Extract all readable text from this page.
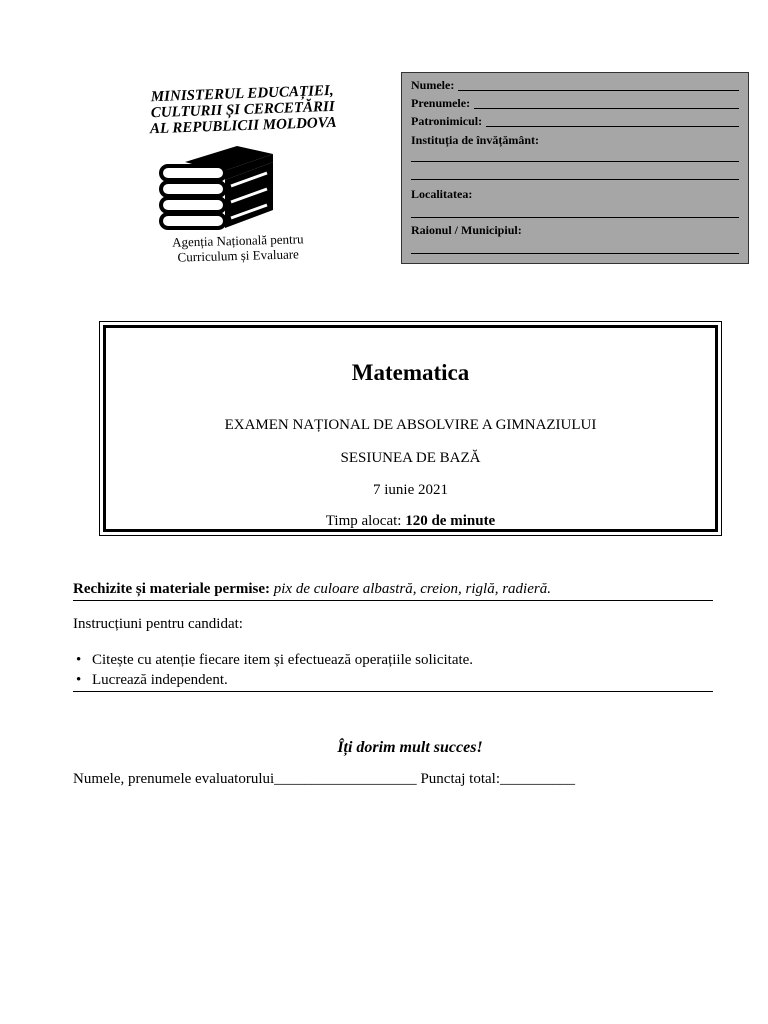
MINISTERUL EDUCAȚIEI,
CULTURII ȘI CERCETĂRII
AL REPUBLICII MOLDOVA
Agenția Națională pentru
Curriculum și Evaluare
Numele:
Prenumele:
Patronimicul:
Instituția de învățământ:
Localitatea:
Raionul / Municipiul:
Matematica
EXAMEN NAȚIONAL DE ABSOLVIRE A GIMNAZIULUI
SESIUNEA DE BAZĂ
7 iunie 2021
Timp alocat: 120 de minute
Rechizite și materiale permise: pix de culoare albastră, creion, riglă, radieră.
Instrucțiuni pentru candidat:
• Citește cu atenție fiecare item și efectuează operațiile solicitate.
• Lucrează independent.
Îți dorim mult succes!
Numele, prenumele evaluatorului___________________ Punctaj total:__________
